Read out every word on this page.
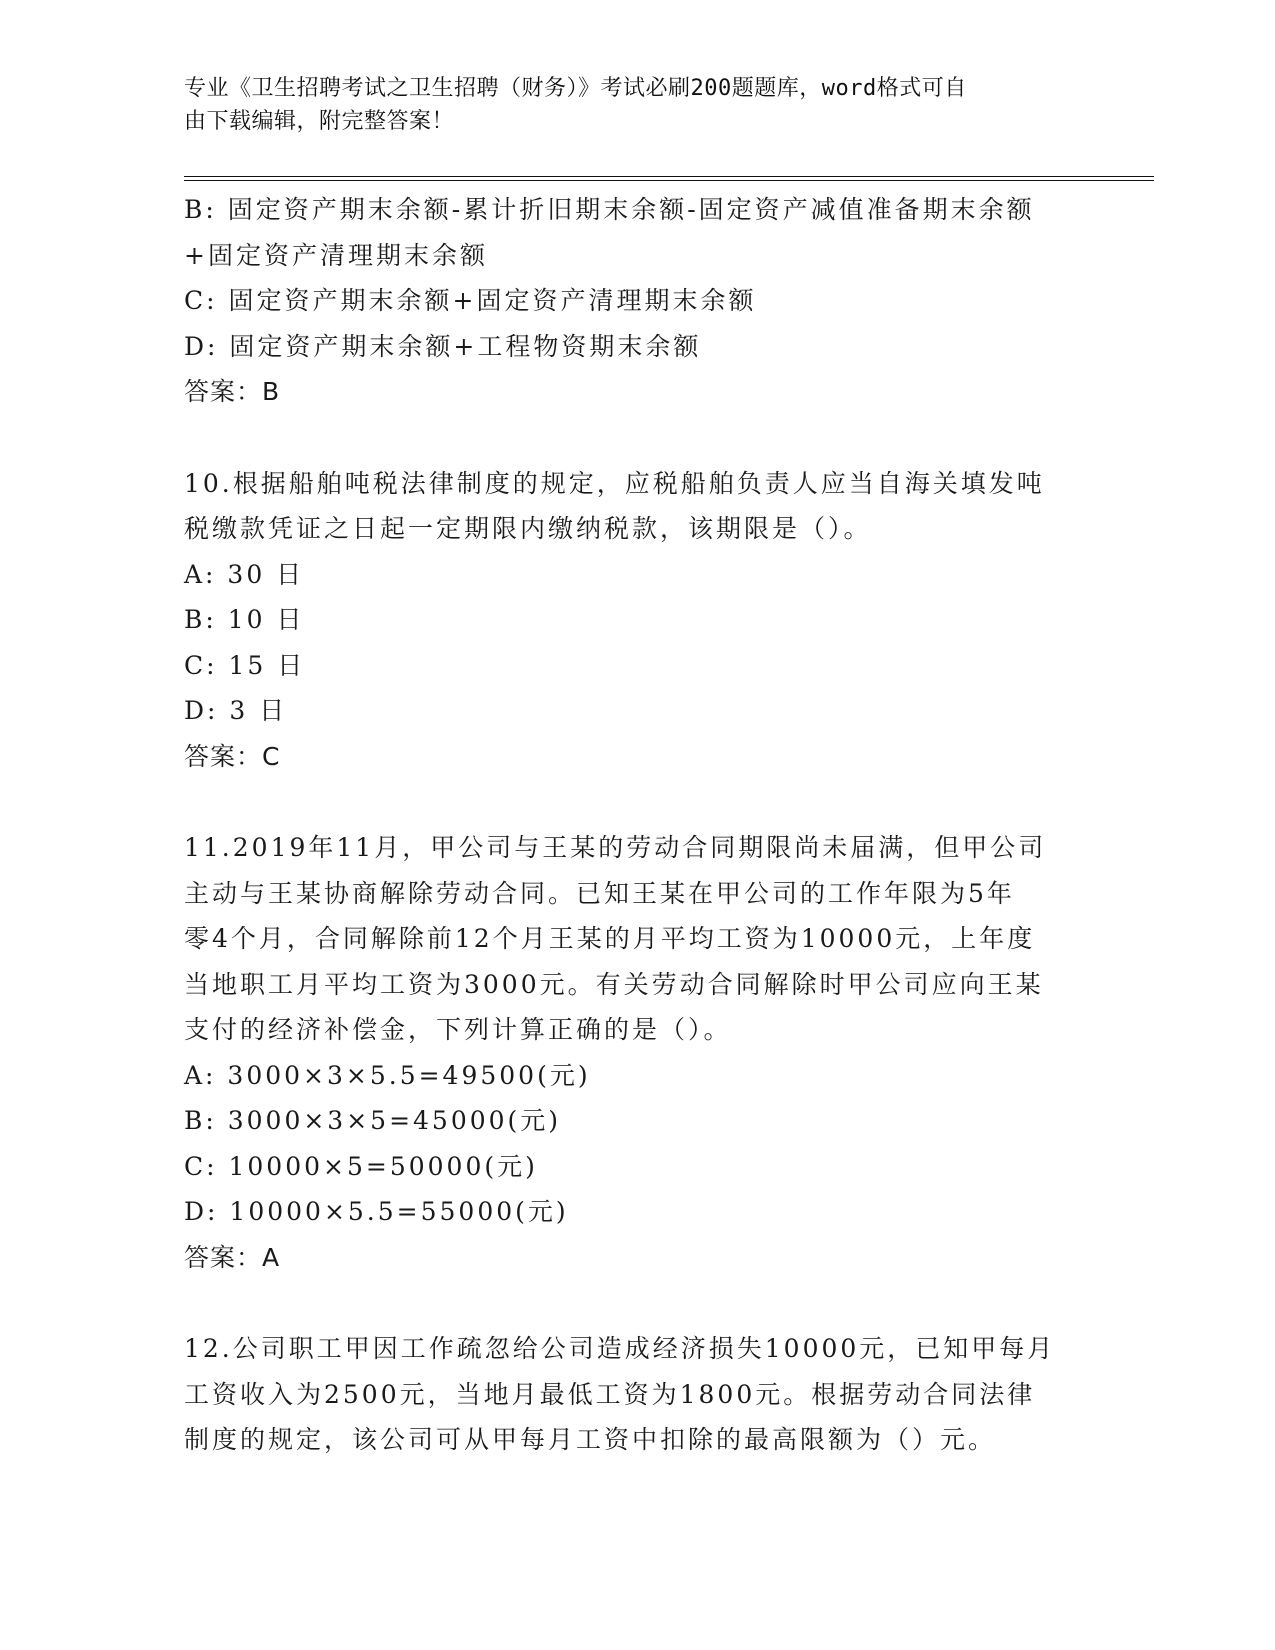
专业《卫生招聘考试之卫生招聘（财务）》考试必刷200题题库，word格式可自
由下载编辑，附完整答案！
B: 固定资产期末余额-累计折旧期末余额-固定资产减值准备期末余额
+固定资产清理期末余额
C: 固定资产期末余额+固定资产清理期末余额
D: 固定资产期末余额+工程物资期末余额
答案：B
10.根据船舶吨税法律制度的规定，应税船舶负责人应当自海关填发吨
税缴款凭证之日起一定期限内缴纳税款，该期限是（）。
A: 30 日
B: 10 日
C: 15 日
D: 3 日
答案：C
11.2019年11月，甲公司与王某的劳动合同期限尚未届满，但甲公司
主动与王某协商解除劳动合同。已知王某在甲公司的工作年限为5年
零4个月，合同解除前12个月王某的月平均工资为10000元，上年度
当地职工月平均工资为3000元。有关劳动合同解除时甲公司应向王某
支付的经济补偿金，下列计算正确的是（）。
A: 3000×3×5.5=49500(元)
B: 3000×3×5=45000(元)
C: 10000×5=50000(元)
D: 10000×5.5=55000(元)
答案：A
12.公司职工甲因工作疏忽给公司造成经济损失10000元，已知甲每月
工资收入为2500元，当地月最低工资为1800元。根据劳动合同法律
制度的规定，该公司可从甲每月工资中扣除的最高限额为（）元。
